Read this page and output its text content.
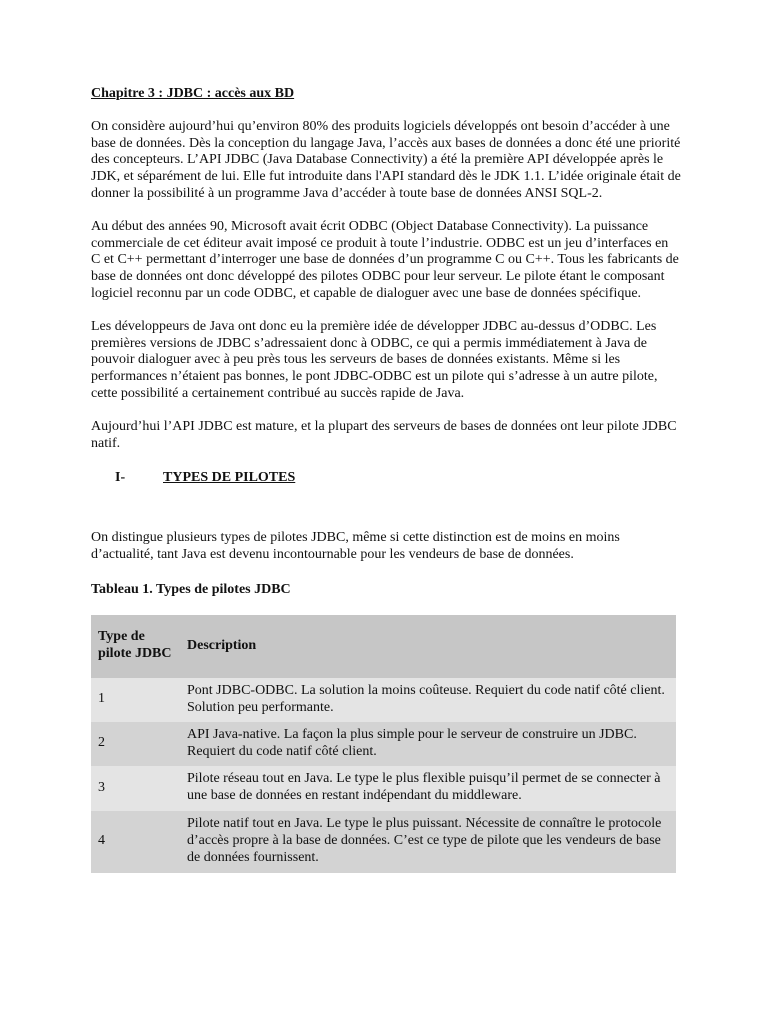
Chapitre 3 : JDBC : accès aux BD

On considère aujourd’hui qu’environ 80% des produits logiciels développés ont besoin d’accéder à une base de données. Dès la conception du langage Java, l’accès aux bases de données a donc été une priorité des concepteurs. L’API JDBC (Java Database Connectivity) a été la première API développée après le JDK, et séparément de lui. Elle fut introduite dans l'API standard dès le JDK 1.1. L’idée originale était de donner la possibilité à un programme Java d’accéder à toute base de données ANSI SQL-2.

Au début des années 90, Microsoft avait écrit ODBC (Object Database Connectivity). La puissance commerciale de cet éditeur avait imposé ce produit à toute l’industrie. ODBC est un jeu d’interfaces en C et C++ permettant d’interroger une base de données d’un programme C ou C++. Tous les fabricants de base de données ont donc développé des pilotes ODBC pour leur serveur. Le pilote étant le composant logiciel reconnu par un code ODBC, et capable de dialoguer avec une base de données spécifique.

Les développeurs de Java ont donc eu la première idée de développer JDBC au-dessus d’ODBC. Les premières versions de JDBC s’adressaient donc à ODBC, ce qui a permis immédiatement à Java de pouvoir dialoguer avec à peu près tous les serveurs de bases de données existants. Même si les performances n’étaient pas bonnes, le pont JDBC-ODBC est un pilote qui s’adresse à un autre pilote, cette possibilité a certainement contribué au succès rapide de Java.

Aujourd’hui l’API JDBC est mature, et la plupart des serveurs de bases de données ont leur pilote JDBC natif.

I-	TYPES DE PILOTES

On distingue plusieurs types de pilotes JDBC, même si cette distinction est de moins en moins d’actualité, tant Java est devenu incontournable pour les vendeurs de base de données.

Tableau 1. Types de pilotes JDBC
Type de pilote JDBC	Description
1	Pont JDBC-ODBC. La solution la moins coûteuse. Requiert du code natif côté client. Solution peu performante.
2	API Java-native. La façon la plus simple pour le serveur de construire un JDBC. Requiert du code natif côté client.
3	Pilote réseau tout en Java. Le type le plus flexible puisqu’il permet de se connecter à une base de données en restant indépendant du middleware.
4	Pilote natif tout en Java. Le type le plus puissant. Nécessite de connaître le protocole d’accès propre à la base de données. C’est ce type de pilote que les vendeurs de base de données fournissent.
